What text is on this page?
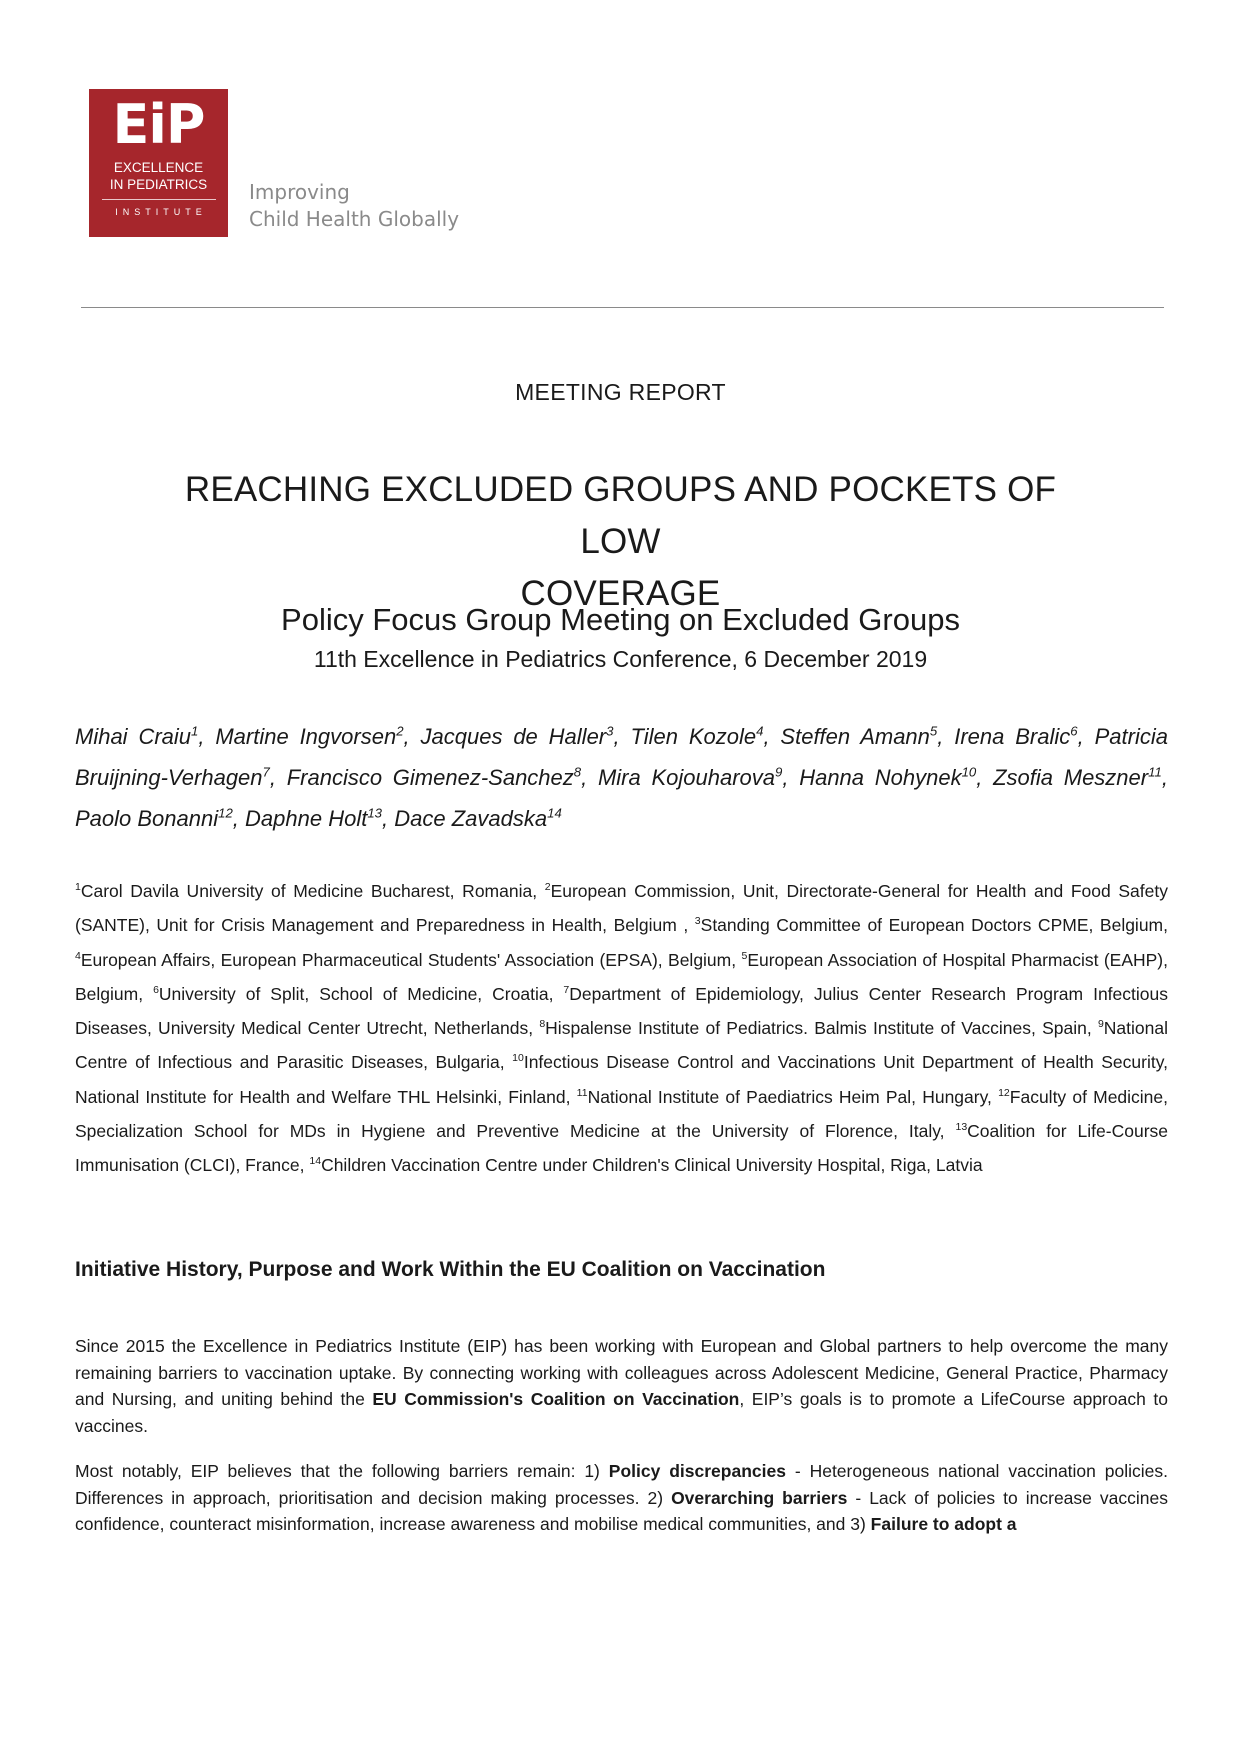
EiP
EXCELLENCE
IN PEDIATRICS
INSTITUTE
Improving
Child Health Globally
MEETING REPORT
REACHING EXCLUDED GROUPS AND POCKETS OF LOW
COVERAGE
Policy Focus Group Meeting on Excluded Groups
11th Excellence in Pediatrics Conference, 6 December 2019
Mihai Craiu$^1$, Martine Ingvorsen$^2$, Jacques de Haller$^3$, Tilen Kozole$^4$, Steffen Amann$^5$, Irena Bralic$^6$, Patricia Bruijning-Verhagen$^7$, Francisco Gimenez-Sanchez$^8$, Mira Kojouharova$^9$, Hanna Nohynek$^{10}$, Zsofia Meszner$^{11}$, Paolo Bonanni$^{12}$, Daphne Holt$^{13}$, Dace Zavadska$^{14}$
$^1$Carol Davila University of Medicine Bucharest, Romania, $^2$European Commission, Unit, Directorate-General for Health and Food Safety (SANTE), Unit for Crisis Management and Preparedness in Health, Belgium , $^3$Standing Committee of European Doctors CPME, Belgium, $^4$European Affairs, European Pharmaceutical Students' Association (EPSA), Belgium, $^5$European Association of Hospital Pharmacist (EAHP), Belgium, $^6$University of Split, School of Medicine, Croatia, $^7$Department of Epidemiology, Julius Center Research Program Infectious Diseases, University Medical Center Utrecht, Netherlands, $^8$Hispalense Institute of Pediatrics. Balmis Institute of Vaccines, Spain, $^9$National Centre of Infectious and Parasitic Diseases, Bulgaria, $^{10}$Infectious Disease Control and Vaccinations Unit Department of Health Security, National Institute for Health and Welfare THL Helsinki, Finland, $^{11}$National Institute of Paediatrics Heim Pal, Hungary, $^{12}$Faculty of Medicine, Specialization School for MDs in Hygiene and Preventive Medicine at the University of Florence, Italy, $^{13}$Coalition for Life-Course Immunisation (CLCI), France, $^{14}$Children Vaccination Centre under Children's Clinical University Hospital, Riga, Latvia
Initiative History, Purpose and Work Within the EU Coalition on Vaccination
Since 2015 the Excellence in Pediatrics Institute (EIP) has been working with European and Global partners to help overcome the many remaining barriers to vaccination uptake. By connecting working with colleagues across Adolescent Medicine, General Practice, Pharmacy and Nursing, and uniting behind the EU Commission's Coalition on Vaccination, EIP’s goals is to promote a LifeCourse approach to vaccines.
Most notably, EIP believes that the following barriers remain: 1) Policy discrepancies - Heterogeneous national vaccination policies. Differences in approach, prioritisation and decision making processes. 2) Overarching barriers - Lack of policies to increase vaccines confidence, counteract misinformation, increase awareness and mobilise medical communities, and 3) Failure to adopt a
